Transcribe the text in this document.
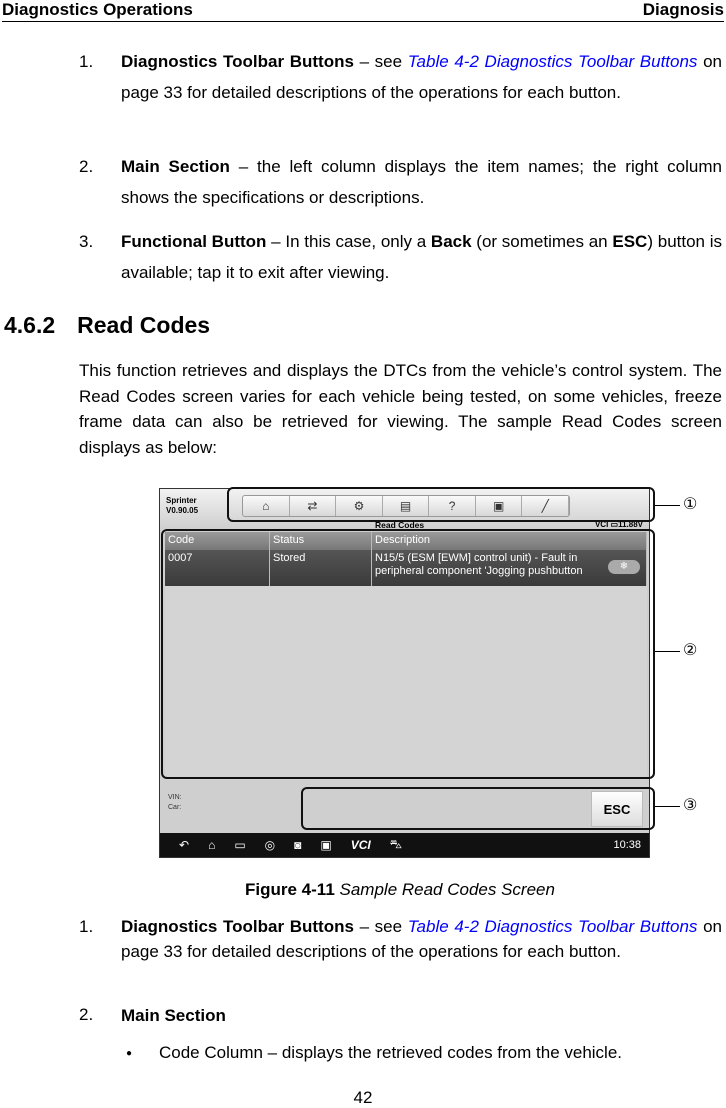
Diagnostics Operations	Diagnosis
1. Diagnostics Toolbar Buttons – see Table 4-2 Diagnostics Toolbar Buttons on page 33 for detailed descriptions of the operations for each button.
2. Main Section – the left column displays the item names; the right column shows the specifications or descriptions.
3. Functional Button – In this case, only a Back (or sometimes an ESC) button is available; tap it to exit after viewing.
4.6.2 Read Codes
This function retrieves and displays the DTCs from the vehicle’s control system. The Read Codes screen varies for each vehicle being tested, on some vehicles, freeze frame data can also be retrieved for viewing. The sample Read Codes screen displays as below:
Sprinter
V0.90.05	⌂	⇄	⚙	▤	?	▣	╱
Read Codes	VCI ▭11.88V
Code	Status	Description
0007	Stored	N15/5 (ESM [EWM] control unit) - Fault in peripheral component 'Jogging pushbutton	❄
VIN:
Car:	ESC
↶ ⌂ ▭ ◎ ◙ ▣ VCI ⛍	10:38
①
②
③
Figure 4-11 Sample Read Codes Screen
1. Diagnostics Toolbar Buttons – see Table 4-2 Diagnostics Toolbar Buttons on page 33 for detailed descriptions of the operations for each button.
2. Main Section
● Code Column – displays the retrieved codes from the vehicle.
42
